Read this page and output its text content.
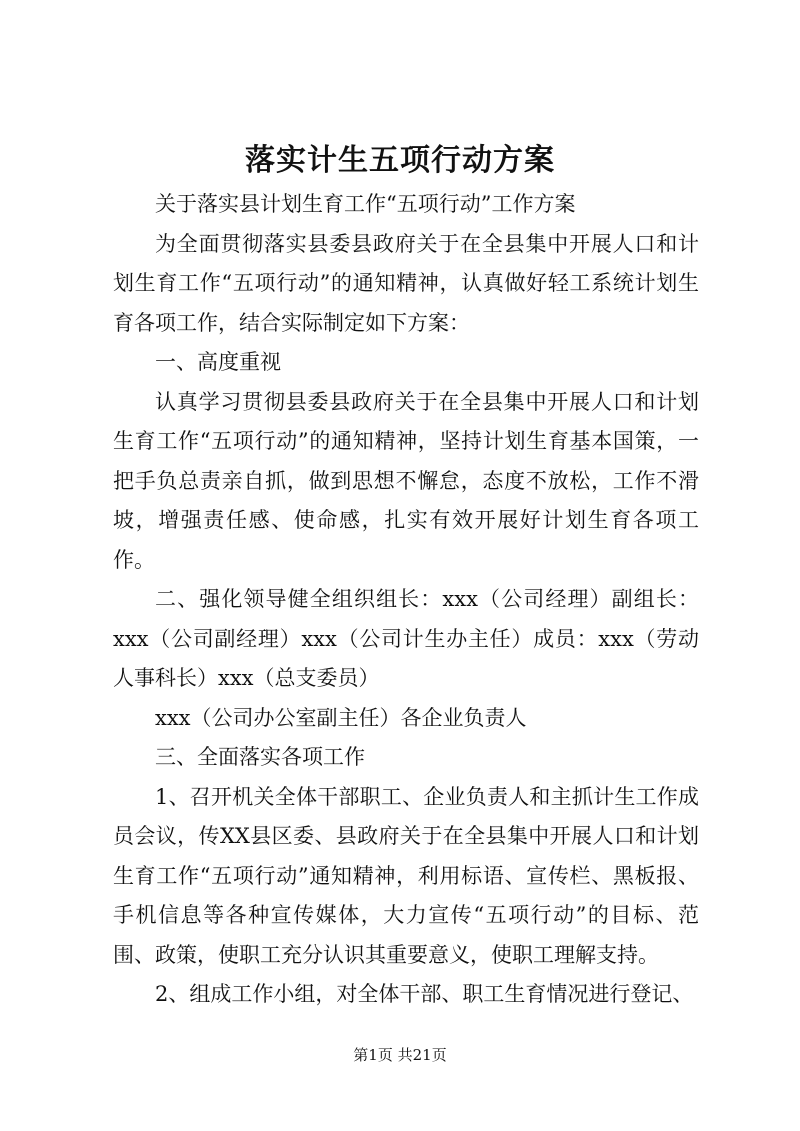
落实计生五项行动方案

关于落实县计划生育工作“五项行动”工作方案

为全面贯彻落实县委县政府关于在全县集中开展人口和计划生育工作“五项行动”的通知精神，认真做好轻工系统计划生育各项工作，结合实际制定如下方案：

一、高度重视

认真学习贯彻县委县政府关于在全县集中开展人口和计划生育工作“五项行动”的通知精神，坚持计划生育基本国策，一把手负总责亲自抓，做到思想不懈怠，态度不放松，工作不滑坡，增强责任感、使命感，扎实有效开展好计划生育各项工作。

二、强化领导健全组织组长：xxx（公司经理）副组长：xxx（公司副经理）xxx（公司计生办主任）成员：xxx（劳动人事科长）xxx（总支委员）

xxx（公司办公室副主任）各企业负责人

三、全面落实各项工作

1、召开机关全体干部职工、企业负责人和主抓计生工作成员会议，传XX县区委、县政府关于在全县集中开展人口和计划生育工作“五项行动”通知精神，利用标语、宣传栏、黑板报、手机信息等各种宣传媒体，大力宣传“五项行动”的目标、范围、政策，使职工充分认识其重要意义，使职工理解支持。

2、组成工作小组，对全体干部、职工生育情况进行登记、

第1页 共21页
